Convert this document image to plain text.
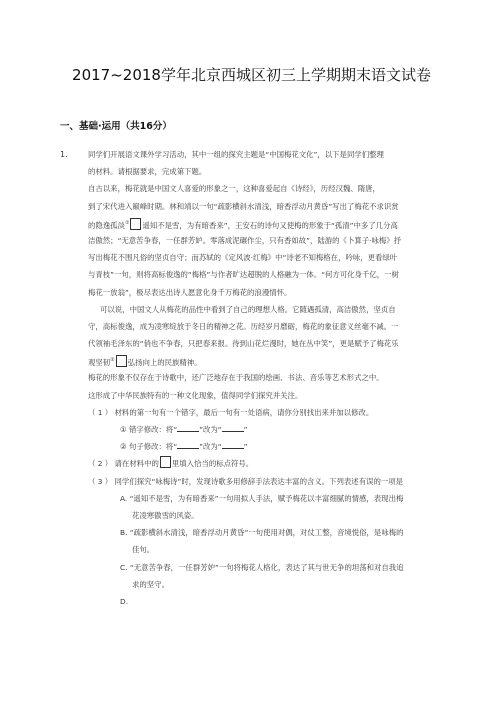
2017~2018学年北京西城区初三上学期期末语文试卷
一、基础·运用（共16分）
1.	同学们开展语文课外学习活动，其中一组的探究主题是“中国梅花文化”，以下是同学们整理
的材料。请根据要求，完成第下题。
自古以来，梅花就是中国文人喜爱的形象之一，这种喜爱起自《诗经》，历经汉魏、隋唐，
到了宋代进入巅峰时期。林和靖以一句“疏影横斜水清浅，暗香浮动月黄昏”写出了梅花不求识赏
的隐逸孤淡① 遥知不是雪，为有暗香来”，王安石的诗句又使梅的形象于“孤清”中多了几分高
洁傲然；“无意苦争春，一任群芳妒。零落成泥碾作尘，只有香如故”，陆游的《卜算子·咏梅》抒
写出梅花不围凡俗的坚贞自守；而苏轼的《定风波·红梅》中“诗老不知梅格在，吟咏，更看绿叶
与青枝”一句，则将高标俊逸的“梅格”与作者旷达超脱的人格融为一体。“何方可化身千亿，一树
梅花一放翁”，极尽表达出诗人愿意化身千万梅花的浪漫情怀。
可以说，中国文人从梅花的品性中看到了自己的理想人格。它随遇孤清，高洁傲然，坚贞自
守，高标俊逸，成为凌寒绽放于冬日的精神之花。历经岁月磨砺，梅花的象征意义丝毫不减。一
代领袖毛泽东的“俏也不争春，只把春来报。待到山花烂漫时，她在丛中笑”，更是赋予了梅花乐
观坚韧② 弘扬向上的民族精神。
梅花的形象不仅存在于诗歌中，还广泛地存在于我国的绘画、书法、音乐等艺术形式之中。
这形成了中华民族特有的一种文化现象，值得同学们探究并关注。
（ 1 ） 材料的第一句有一个错字，最后一句有一处语病，请你分别找出来并加以修改。
① 错字修改：将“	”改为“	”
② 句子修改：将“	”改为“	”
（ 2 ） 请在材料中的 里填入恰当的标点符号。
（ 3 ） 同学们探究“咏梅诗”时，发现诗歌多用修辞手法表达丰富的含义。下列表述有误的一项是
A. “遥知不是雪，为有暗香来”一句用拟人手法，赋予梅花以丰富细腻的情感，表现出梅
花凌寒傲雪的风姿。
B. “疏影横斜水清浅，暗香浮动月黄昏”一句使用对偶，对仗工整，音境悦俗，是咏梅的
佳句。
C. “无意苦争春，一任群芳妒”一句将梅花人格化，表达了其与世无争的坦荡和对自我追
求的坚守。
D.
